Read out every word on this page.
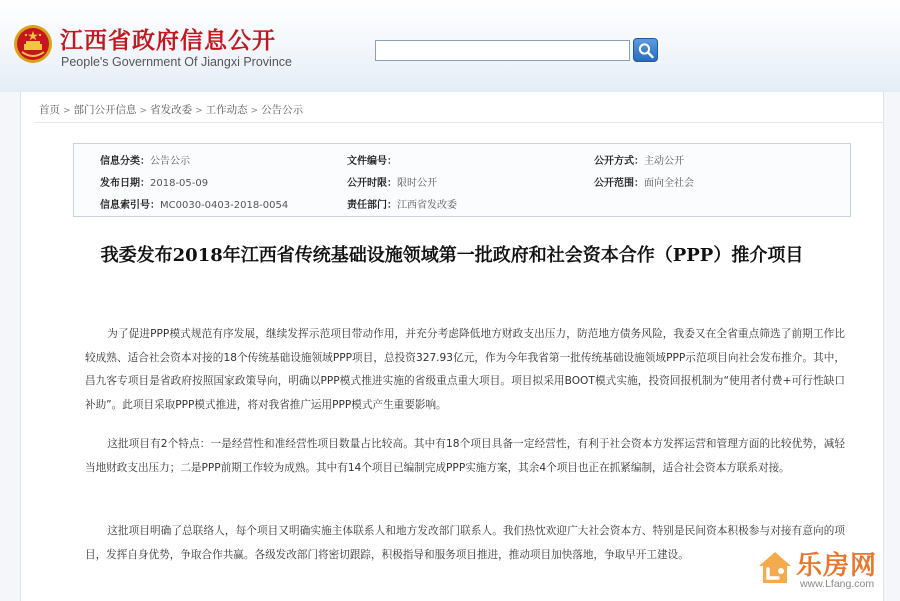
江西省政府信息公开
People's Government Of Jiangxi Province
首页 > 部门公开信息 > 省发改委 > 工作动态 > 公告公示
信息分类：公告公示	文件编号：	公开方式：主动公开
发布日期：2018-05-09	公开时限：限时公开	公开范围：面向全社会
信息索引号：MC0030-0403-2018-0054	责任部门：江西省发改委
我委发布2018年江西省传统基础设施领域第一批政府和社会资本合作（PPP）推介项目

为了促进PPP模式规范有序发展，继续发挥示范项目带动作用，并充分考虑降低地方财政支出压力，防范地方债务风险，我委又在全省重点筛选了前期工作比较成熟、适合社会资本对接的18个传统基础设施领域PPP项目，总投资327.93亿元，作为今年我省第一批传统基础设施领域PPP示范项目向社会发布推介。其中，昌九客专项目是省政府按照国家政策导向，明确以PPP模式推进实施的省级重点重大项目。项目拟采用BOOT模式实施，投资回报机制为“使用者付费+可行性缺口补助”。此项目采取PPP模式推进，将对我省推广运用PPP模式产生重要影响。

这批项目有2个特点：一是经营性和准经营性项目数量占比较高。其中有18个项目具备一定经营性，有利于社会资本方发挥运营和管理方面的比较优势，减轻当地财政支出压力；二是PPP前期工作较为成熟。其中有14个项目已编制完成PPP实施方案，其余4个项目也正在抓紧编制，适合社会资本方联系对接。

这批项目明确了总联络人，每个项目又明确实施主体联系人和地方发改部门联系人。我们热忱欢迎广大社会资本方、特别是民间资本积极参与对接有意向的项目，发挥自身优势，争取合作共赢。各级发改部门将密切跟踪，积极指导和服务项目推进，推动项目加快落地，争取早开工建设。	乐房网
www.Lfang.com
